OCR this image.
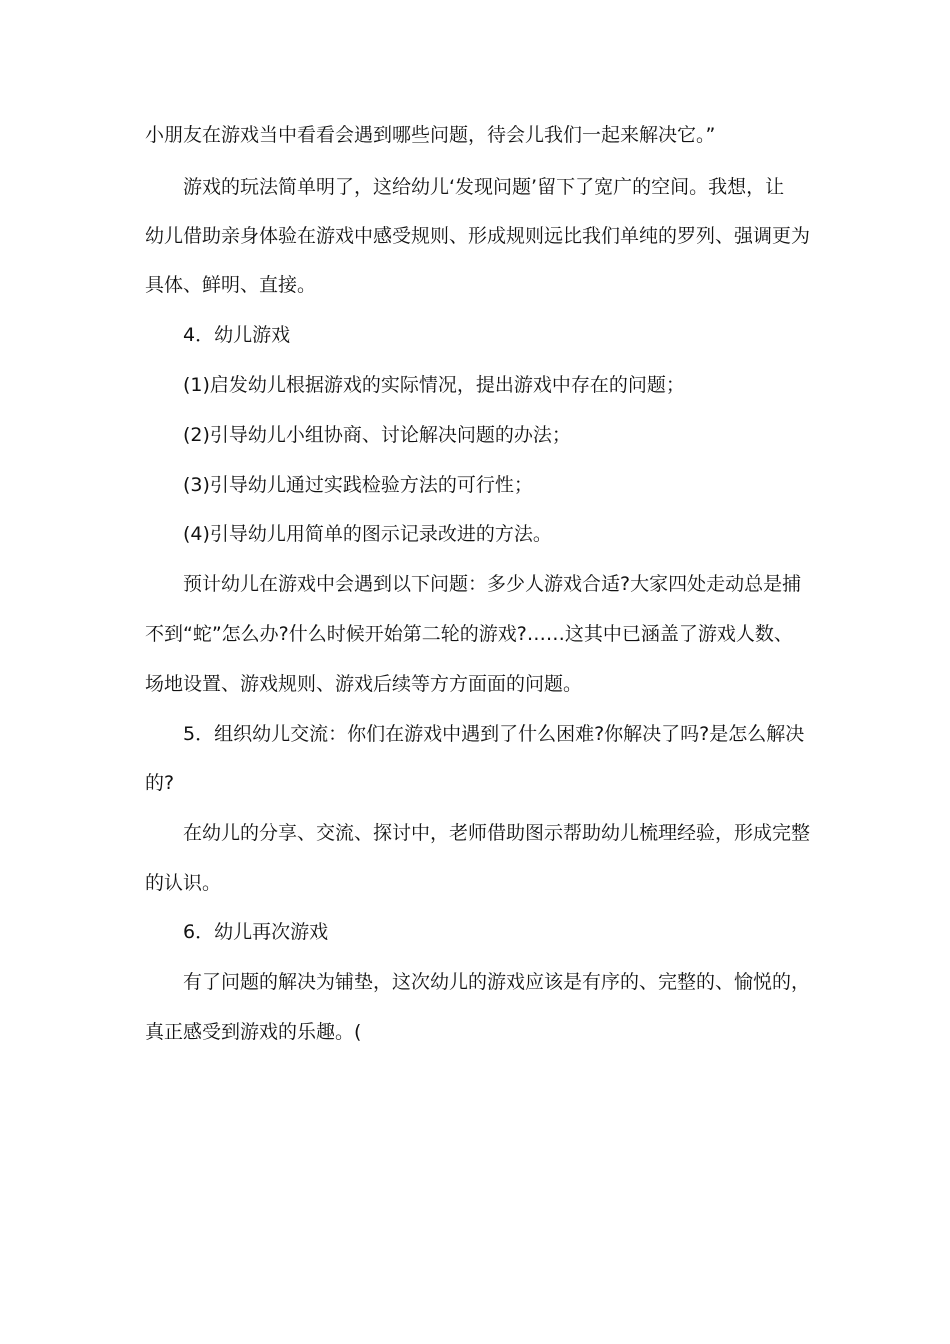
小朋友在游戏当中看看会遇到哪些问题，待会儿我们一起来解决它。”
游戏的玩法简单明了，这给幼儿‘发现问题’留下了宽广的空间。我想，让
幼儿借助亲身体验在游戏中感受规则、形成规则远比我们单纯的罗列、强调更为
具体、鲜明、直接。
4．幼儿游戏
(1)启发幼儿根据游戏的实际情况，提出游戏中存在的问题；
(2)引导幼儿小组协商、讨论解决问题的办法；
(3)引导幼儿通过实践检验方法的可行性；
(4)引导幼儿用简单的图示记录改进的方法。
预计幼儿在游戏中会遇到以下问题：多少人游戏合适?大家四处走动总是捕
不到“蛇”怎么办?什么时候开始第二轮的游戏?……这其中已涵盖了游戏人数、
场地设置、游戏规则、游戏后续等方方面面的问题。
5．组织幼儿交流：你们在游戏中遇到了什么困难?你解决了吗?是怎么解决
的?
在幼儿的分享、交流、探讨中，老师借助图示帮助幼儿梳理经验，形成完整
的认识。
6．幼儿再次游戏
有了问题的解决为铺垫，这次幼儿的游戏应该是有序的、完整的、愉悦的，
真正感受到游戏的乐趣。(
